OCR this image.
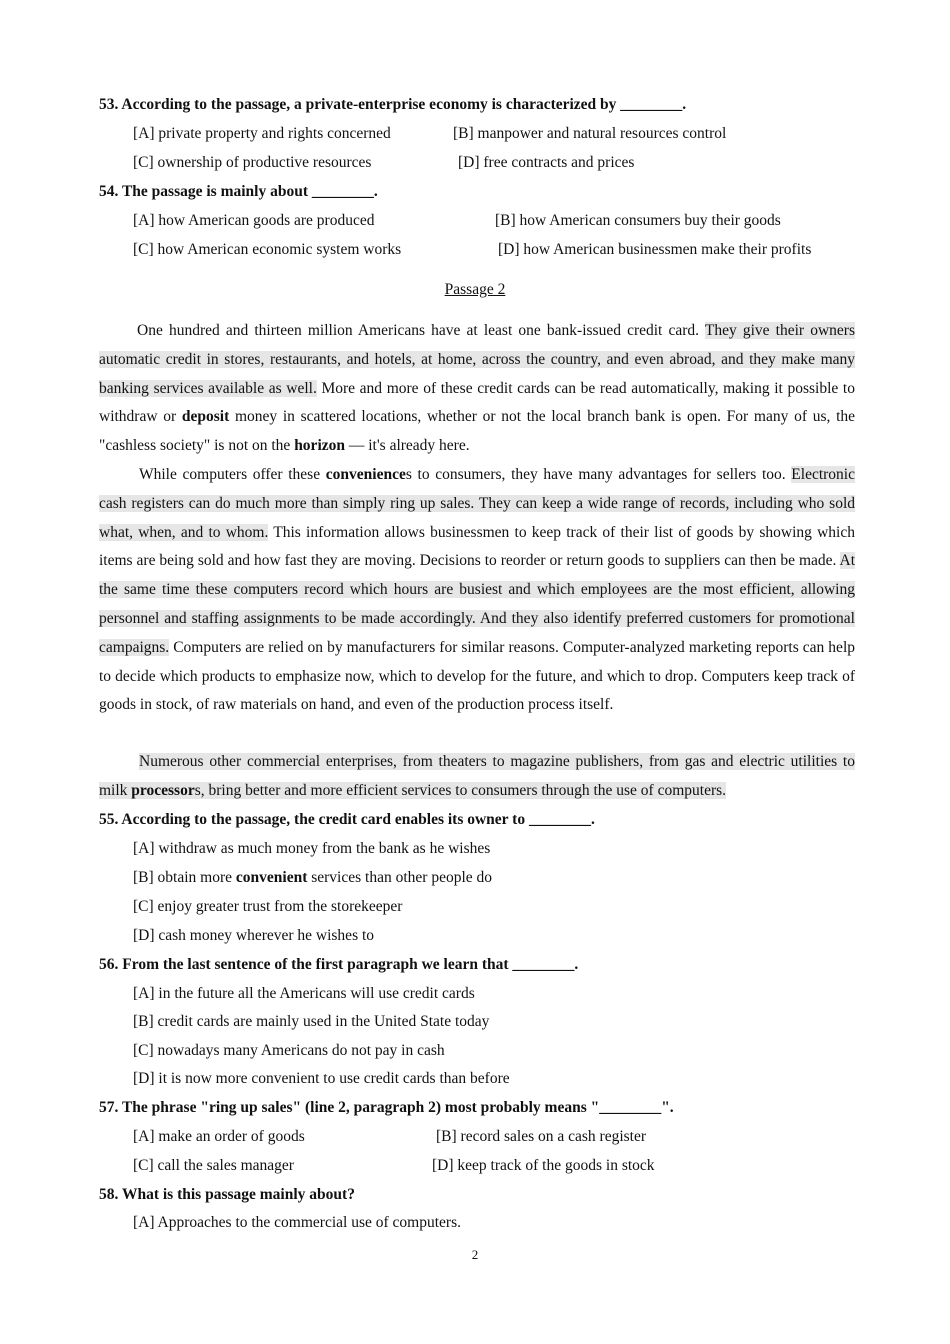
53. According to the passage, a private-enterprise economy is characterized by ________.
[A] private property and rights concerned	[B] manpower and natural resources control
[C] ownership of productive resources	[D] free contracts and prices
54. The passage is mainly about ________.
[A] how American goods are produced	[B] how American consumers buy their goods
[C] how American economic system works	[D] how American businessmen make their profits
Passage 2
One hundred and thirteen million Americans have at least one bank-issued credit card. They give their owners automatic credit in stores, restaurants, and hotels, at home, across the country, and even abroad, and they make many banking services available as well. More and more of these credit cards can be read automatically, making it possible to withdraw or deposit money in scattered locations, whether or not the local branch bank is open. For many of us, the "cashless society" is not on the horizon — it's already here.
While computers offer these conveniences to consumers, they have many advantages for sellers too. Electronic cash registers can do much more than simply ring up sales. They can keep a wide range of records, including who sold what, when, and to whom. This information allows businessmen to keep track of their list of goods by showing which items are being sold and how fast they are moving. Decisions to reorder or return goods to suppliers can then be made. At the same time these computers record which hours are busiest and which employees are the most efficient, allowing personnel and staffing assignments to be made accordingly. And they also identify preferred customers for promotional campaigns. Computers are relied on by manufacturers for similar reasons. Computer-analyzed marketing reports can help to decide which products to emphasize now, which to develop for the future, and which to drop. Computers keep track of goods in stock, of raw materials on hand, and even of the production process itself.
Numerous other commercial enterprises, from theaters to magazine publishers, from gas and electric utilities to milk processors, bring better and more efficient services to consumers through the use of computers.
55. According to the passage, the credit card enables its owner to ________.
[A] withdraw as much money from the bank as he wishes
[B] obtain more convenient services than other people do
[C] enjoy greater trust from the storekeeper
[D] cash money wherever he wishes to
56. From the last sentence of the first paragraph we learn that ________.
[A] in the future all the Americans will use credit cards
[B] credit cards are mainly used in the United State today
[C] nowadays many Americans do not pay in cash
[D] it is now more convenient to use credit cards than before
57. The phrase "ring up sales" (line 2, paragraph 2) most probably means "________".
[A] make an order of goods	[B] record sales on a cash register
[C] call the sales manager	[D] keep track of the goods in stock
58. What is this passage mainly about?
[A] Approaches to the commercial use of computers.
2
